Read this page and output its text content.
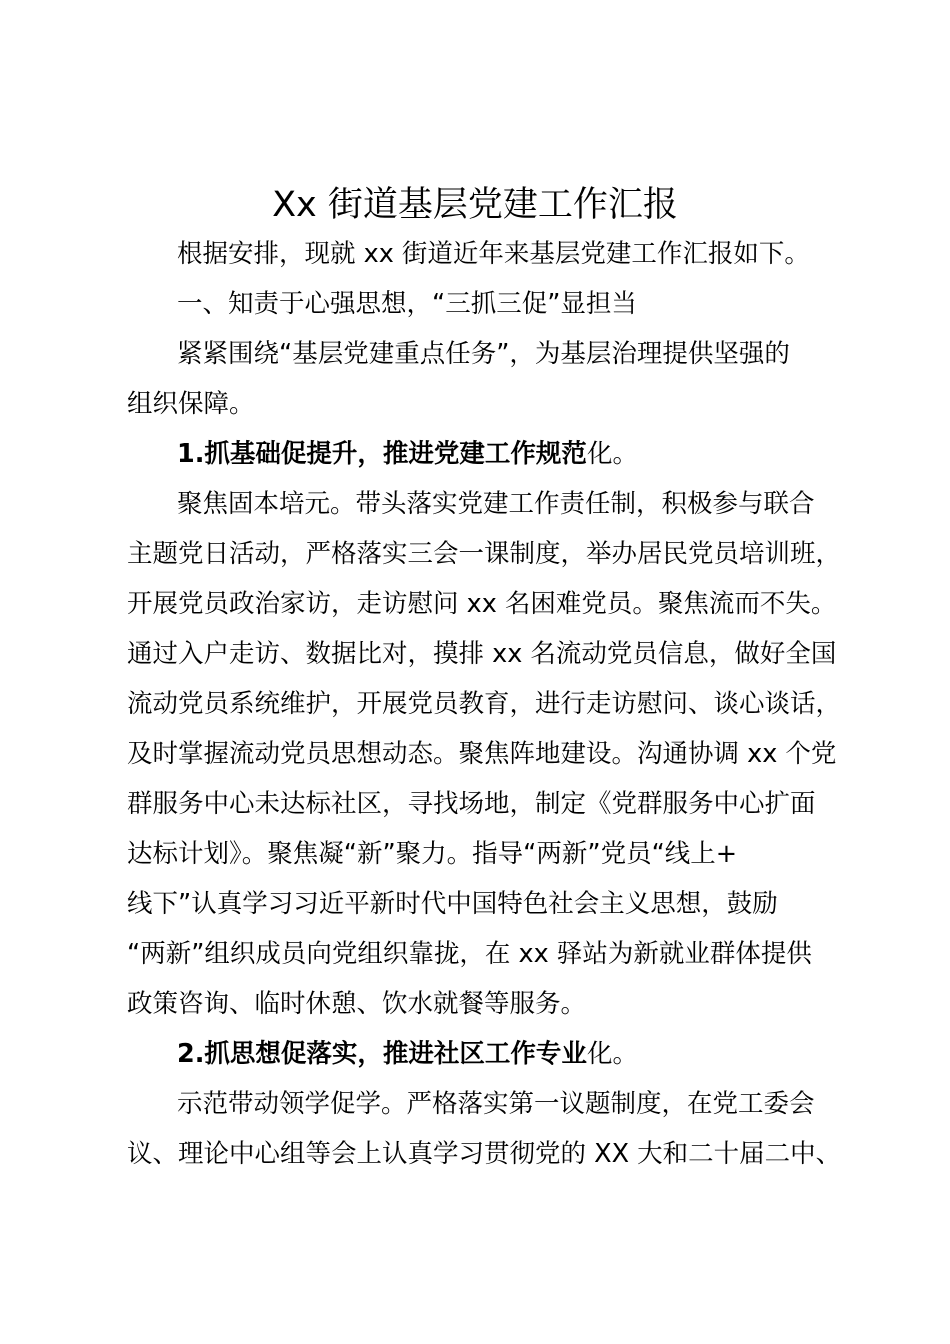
Xx 街道基层党建工作汇报
根据安排，现就 xx 街道近年来基层党建工作汇报如下。
一、知责于心强思想，“三抓三促”显担当
紧紧围绕“基层党建重点任务”，为基层治理提供坚强的
组织保障。
1.抓基础促提升，推进党建工作规范化。
聚焦固本培元。带头落实党建工作责任制，积极参与联合
主题党日活动，严格落实三会一课制度，举办居民党员培训班，
开展党员政治家访，走访慰问 xx 名困难党员。聚焦流而不失。
通过入户走访、数据比对，摸排 xx 名流动党员信息，做好全国
流动党员系统维护，开展党员教育，进行走访慰问、谈心谈话，
及时掌握流动党员思想动态。聚焦阵地建设。沟通协调 xx 个党
群服务中心未达标社区，寻找场地，制定《党群服务中心扩面
达标计划》。聚焦凝“新”聚力。指导“两新”党员“线上+
线下”认真学习习近平新时代中国特色社会主义思想，鼓励
“两新”组织成员向党组织靠拢，在 xx 驿站为新就业群体提供
政策咨询、临时休憩、饮水就餐等服务。
2.抓思想促落实，推进社区工作专业化。
示范带动领学促学。严格落实第一议题制度，在党工委会
议、理论中心组等会上认真学习贯彻党的 XX 大和二十届二中、
